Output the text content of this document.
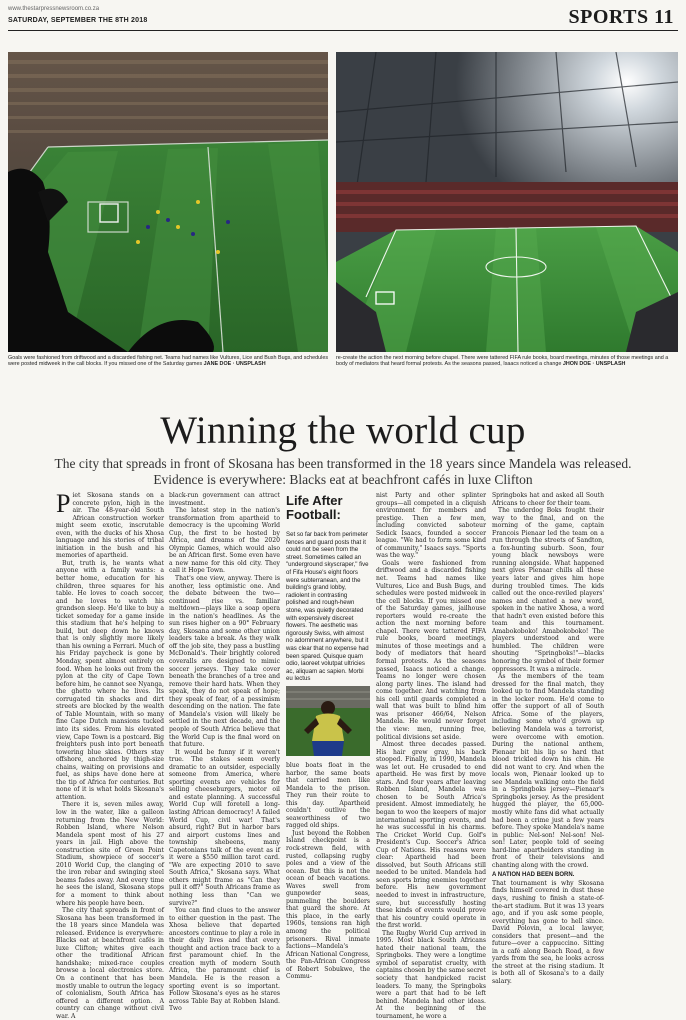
www.thestarpressnewsroom.co.za
SATURDAY, SEPTEMBER THE 8TH 2018	SPORTS 11
Goals were fashioned from driftwood and a discarded fishing net. Teams had names like Vultures, Lice and Bush Bugs, and schedules were posted midweek in the call blocks. If you missed one of the Saturday games JANE DOE · UNSPLASH
re-create the action the next morning before chapel. There were tattered FIFA rule books, board meetings, minutes of those meetings and a body of mediators that heard formal protests. As the seasons passed, Isaacs noticed a change JHON DOE · UNSPLASH
Winning the world cup
The city that spreads in front of Skosana has been transformed in the 18 years since Mandela was released. Evidence is everywhere: Blacks eat at beachfront cafés in luxe Clifton

Piet Skosana stands on a concrete pylon, high in the air. The 48-year-old South African construction worker might seem exotic, inscrutable even, with the ducks of his Xhosa language and his stories of tribal initiation in the bush and his memories of apartheid.

But, truth is, he wants what anyone with a family wants: a better home, education for his children, three squares for his table. He loves to coach soccer, and he loves to watch his grandson sleep. He'd like to buy a ticket someday for a game inside this stadium that he's helping to build, but deep down he knows that is only slightly more likely than his owning a Ferrari. Much of his Friday paycheck is gone by Monday, spent almost entirely on food. When he looks out from the pylon at the city of Cape Town before him, he cannot see Nyanga, the ghetto where he lives. Its corrugated tin shacks and dirt streets are blocked by the wealth of Table Mountain, with so many fine Cape Dutch mansions tucked into its sides. From his elevated view, Cape Town is a postcard. Big freighters push into port beneath towering blue skies. Others stay offshore, anchored by thigh-size chains, waiting on provisions and fuel, as ships have done here at the tip of Africa for centuries. But none of it is what holds Skosana's attention.

There it is, seven miles away, low in the water, like a galleon returning from the New World: Robben Island, where Nelson Mandela spent most of his 27 years in jail. High above the construction site of Green Point Stadium, showpiece of soccer's 2010 World Cup, the clanging of the iron rebar and swinging steel beams fades away. And every time he sees the island, Skosana stops for a moment to think about where his people have been.

The city that spreads in front of Skosana has been transformed in the 18 years since Mandela was released. Evidence is everywhere: Blacks eat at beachfront cafés in luxe Clifton; whites give each other the traditional African handshake; mixed-race couples browse a local electronics store. On a continent that has been mostly unable to outrun the legacy of colonialism, South Africa has offered a different option. A country can change without civil war. A

black-run government can attract investment.

The latest step in the nation's transformation from apartheid to democracy is the upcoming World Cup, the first to be hosted by Africa, and dreams of the 2020 Olympic Games, which would also be an African first. Some even have a new name for this old city. They call it Hope Town.

That's one view, anyway. There is another, less optimistic one. And the debate between the two—continued rise vs. familiar meltdown—plays like a soap opera in the nation's headlines. As the sun rises higher on a 90° February day, Skosana and some other union leaders take a break. As they walk off the job site, they pass a bustling McDonald's. Their brightly colored coveralls are designed to mimic soccer jerseys. They take cover beneath the branches of a tree and remove their hard hats. When they speak, they do not speak of hope; they speak of fear, of a pessimism descending on the nation. The fate of Mandela's vision will likely be settled in the next decade, and the people of South Africa believe that the World Cup is the final word on that future.

It would be funny if it weren't true. The stakes seem overly dramatic to an outsider, especially someone from America, where sporting events are vehicles for selling cheeseburgers, motor oil and estate planning. A successful World Cup will foretell a long-lasting African democracy! A failed World Cup, civil war! That's absurd, right? But in harbor bars and airport customs lines and township shebeens, many Capetonians talk of the event as if it were a $550 million tarot card. "We are expecting 2010 to save South Africa," Skosana says. What others might frame as "Can they pull it off?" South Africans frame as nothing less than "Can we survive?"

You can find clues to the answer to either question in the past. The Xhosa believe that departed ancestors continue to play a role in their daily lives and that every thought and action trace back to a first paramount chief. In the creation myth of modern South Africa, the paramount chief is Mandela. He is the reason a sporting event is so important. Follow Skosana's eyes as he stares across Table Bay at Robben Island. Two

Life After Football:

Set so far back from perimeter fences and guard posts that it could not be seen from the street. Sometimes called an "underground skyscraper," five of Fifa House's eight floors were subterranean, and the building's grand lobby, radiolent in contrasting polished and rough-hewn stone, was quietly decorated with expensively discreet flowers. The aesthetic was rigorously Swiss, with almost no adornment anywhere, but it was clear that no expense had been spared. Quisque quam odio, laoreet volutpat ultricies ac, aliquam ac sapien. Morbi eu lectus

blue boats float in the harbor, the same boats that carried men like Mandela to the prison. They run their route to this day. Apartheid couldn't outlive the seaworthiness of two ragged old ships.

Just beyond the Robben Island checkpoint is a rock-strewn field, with rusted, collapsing rugby poles and a view of the ocean. But this is not the ocean of beach vacations. Waves swell from gunpowder seas, pummeling the boulders that guard the shore. At this place, in the early 1960s, tensions ran high among the political prisoners. Rival inmate factions—Mandela's African National Congress, the Pan-African Congress of Robert Sobukwe, the Commu-

nist Party and other splinter groups—all competed in a cliquish environment for members and prestige. Then a few men, including convicted saboteur Sedick Isaacs, founded a soccer league. "We had to form some kind of community," Isaacs says. "Sports was the way."

Goals were fashioned from driftwood and a discarded fishing net. Teams had names like Vultures, Lice and Bush Bugs, and schedules were posted midweek in the cell blocks. If you missed one of the Saturday games, jailhouse reporters would re-create the action the next morning before chapel. There were tattered FIFA rule books, board meetings, minutes of those meetings and a body of mediators that heard formal protests. As the seasons passed, Isaacs noticed a change. Teams no longer were chosen along party lines. The island had come together. And watching from his cell until guards completed a wall that was built to blind him was prisoner 466/64, Nelson Mandela. He would never forget the view: men, running free, political divisions set aside.

Almost three decades passed. His hair grew gray, his back stooped. Finally, in 1990, Mandela was let out. He crusaded to end apartheid. He was first by move stars. And four years after leaving Robben Island, Mandela was chosen to be South Africa's president. Almost immediately, he began to woo the keepers of major international sporting events, and he was successful in his charms. The Cricket World Cup. Golf's President's Cup. Soccer's Africa Cup of Nations. His reasons were clear: Apartheid had been dissolved, but South Africans still needed to be united. Mandela had seen sports bring enemies together before. His new government needed to invest in infrastructure, sure, but successfully hosting these kinds of events would prove that his country could operate in the first world.

The Rugby World Cup arrived in 1995. Most black South Africans hated their national team, the Springboks. They were a longtime symbol of separatist cruelty, with captains chosen by the same secret society that handpicked racist leaders. To many, the Springboks were a part that had to be left behind. Mandela had other ideas. At the beginning of the tournament, he wore a

Springboks hat and asked all South Africans to cheer for their team.

The underdog Boks fought their way to the final, and on the morning of the game, captain Francois Pienaar led the team on a run through the streets of Sandton, a fox-hunting suburb. Soon, four young black newsboys were running alongside. What happened next gives Pienaar chills all these years later and gives him hope during troubled times. The kids called out the once-reviled players' names and chanted a new word, spoken in the native Xhosa, a word that hadn't even existed before this team and this tournament. Amabokoboko! Amabokoboko! The players understood and were humbled. The children were shouting "Springboks!"—blacks honoring the symbol of their former oppressors. It was a miracle.

As the members of the team dressed for the final match, they looked up to find Mandela standing in the locker room. He'd come to offer the support of all of South Africa. Some of the players, including some who'd grown up believing Mandela was a terrorist, were overcome with emotion. During the national anthem, Pienaar bit his lip so hard that blood trickled down his chin. He did not want to cry. And when the locals won, Pienaar looked up to see Mandela walking onto the field in a Springboks jersey—Pienaar's Springboks jersey. As the president hugged the player, the 65,000-mostly white fans did what actually had been a crime just a few years before. They spoke Mandela's name in public: Nel-son! Nel-son! Nel-son! Later, people told of seeing hard-line apartheiders standing in front of their televisions and chanting along with the crowd.

A NATION HAD BEEN BORN.

That tournament is why Skosana finds himself covered in dust these days, rushing to finish a state-of-the-art stadium. But it was 13 years ago, and if you ask some people, everything has gone to hell since. David Polovin, a local lawyer, considers that present—and the future—over a cappuccino. Sitting in a café along Beach Road, a few yards from the sea, he looks across the street at the rising stadium. It is both all of Skosana's to a daily salary.
